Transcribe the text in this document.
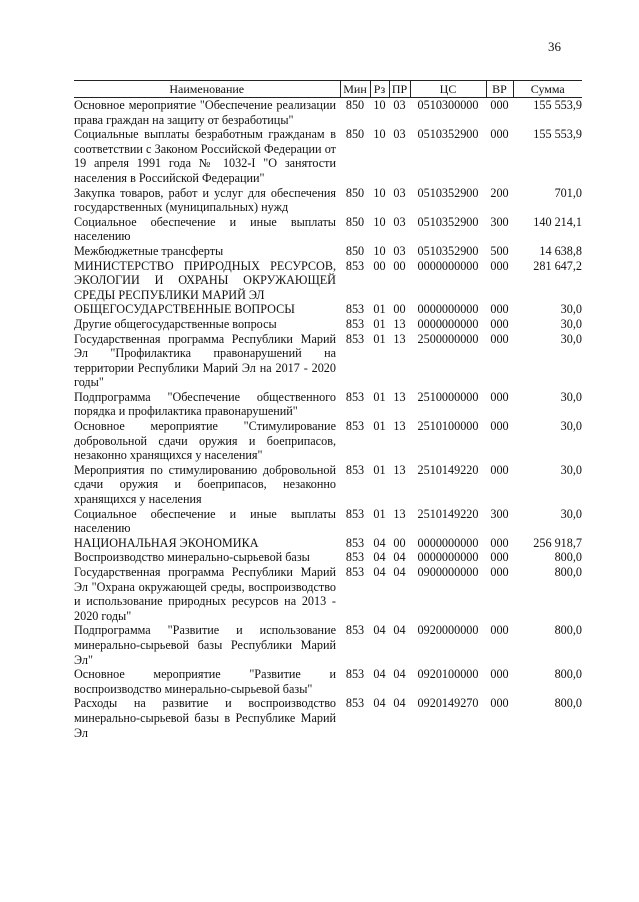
36
Наименование	Мин	Рз	ПР	ЦС	ВР	Сумма
Основное мероприятие "Обеспечение реализации права граждан на защиту от безработицы"	850	10	03	0510300000	000	155 553,9
Социальные выплаты безработным гражданам в соответствии с Законом Российской Федерации от 19 апреля 1991 года № 1032-I "О занятости населения в Российской Федерации"	850	10	03	0510352900	000	155 553,9
Закупка товаров, работ и услуг для обеспечения государственных (муниципальных) нужд	850	10	03	0510352900	200	701,0
Социальное обеспечение и иные выплаты населению	850	10	03	0510352900	300	140 214,1
Межбюджетные трансферты	850	10	03	0510352900	500	14 638,8
МИНИСТЕРСТВО ПРИРОДНЫХ РЕСУРСОВ, ЭКОЛОГИИ И ОХРАНЫ ОКРУЖАЮЩЕЙ СРЕДЫ РЕСПУБЛИКИ МАРИЙ ЭЛ	853	00	00	0000000000	000	281 647,2
ОБЩЕГОСУДАРСТВЕННЫЕ ВОПРОСЫ	853	01	00	0000000000	000	30,0
Другие общегосударственные вопросы	853	01	13	0000000000	000	30,0
Государственная программа Республики Марий Эл "Профилактика правонарушений на территории Республики Марий Эл на 2017 - 2020 годы"	853	01	13	2500000000	000	30,0
Подпрограмма "Обеспечение общественного порядка и профилактика правонарушений"	853	01	13	2510000000	000	30,0
Основное мероприятие "Стимулирование добровольной сдачи оружия и боеприпасов, незаконно хранящихся у населения"	853	01	13	2510100000	000	30,0
Мероприятия по стимулированию добровольной сдачи оружия и боеприпасов, незаконно хранящихся у населения	853	01	13	2510149220	000	30,0
Социальное обеспечение и иные выплаты населению	853	01	13	2510149220	300	30,0
НАЦИОНАЛЬНАЯ ЭКОНОМИКА	853	04	00	0000000000	000	256 918,7
Воспроизводство минерально-сырьевой базы	853	04	04	0000000000	000	800,0
Государственная программа Республики Марий Эл "Охрана окружающей среды, воспроизводство и использование природных ресурсов на 2013 - 2020 годы"	853	04	04	0900000000	000	800,0
Подпрограмма "Развитие и использование минерально-сырьевой базы Республики Марий Эл"	853	04	04	0920000000	000	800,0
Основное мероприятие "Развитие и воспроизводство минерально-сырьевой базы"	853	04	04	0920100000	000	800,0
Расходы на развитие и воспроизводство минерально-сырьевой базы в Республике Марий Эл	853	04	04	0920149270	000	800,0
